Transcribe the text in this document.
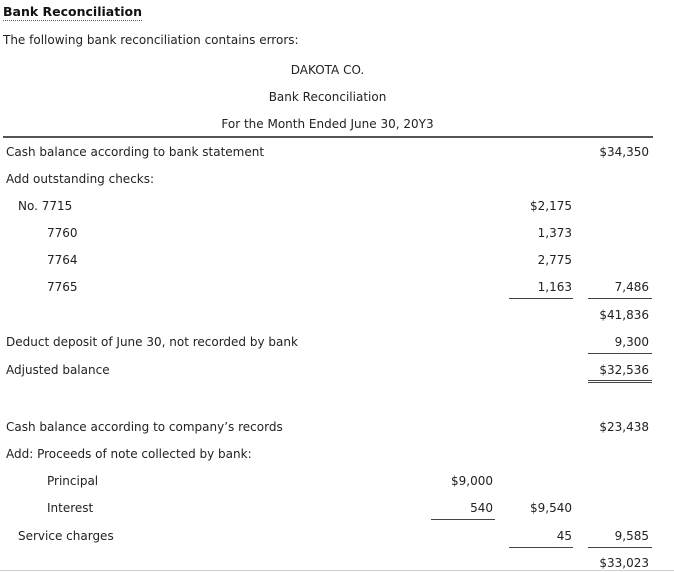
Bank Reconciliation
The following bank reconciliation contains errors:
DAKOTA CO.
Bank Reconciliation
For the Month Ended June 30, 20Y3
Cash balance according to bank statement	$34,350
Add outstanding checks:
No. 7715	$2,175
7760	1,373
7764	2,775
7765	1,163	7,486
$41,836
Deduct deposit of June 30, not recorded by bank	9,300
Adjusted balance	$32,536
Cash balance according to company’s records	$23,438
Add: Proceeds of note collected by bank:
Principal	$9,000
Interest	540	$9,540
Service charges	45	9,585
$33,023
